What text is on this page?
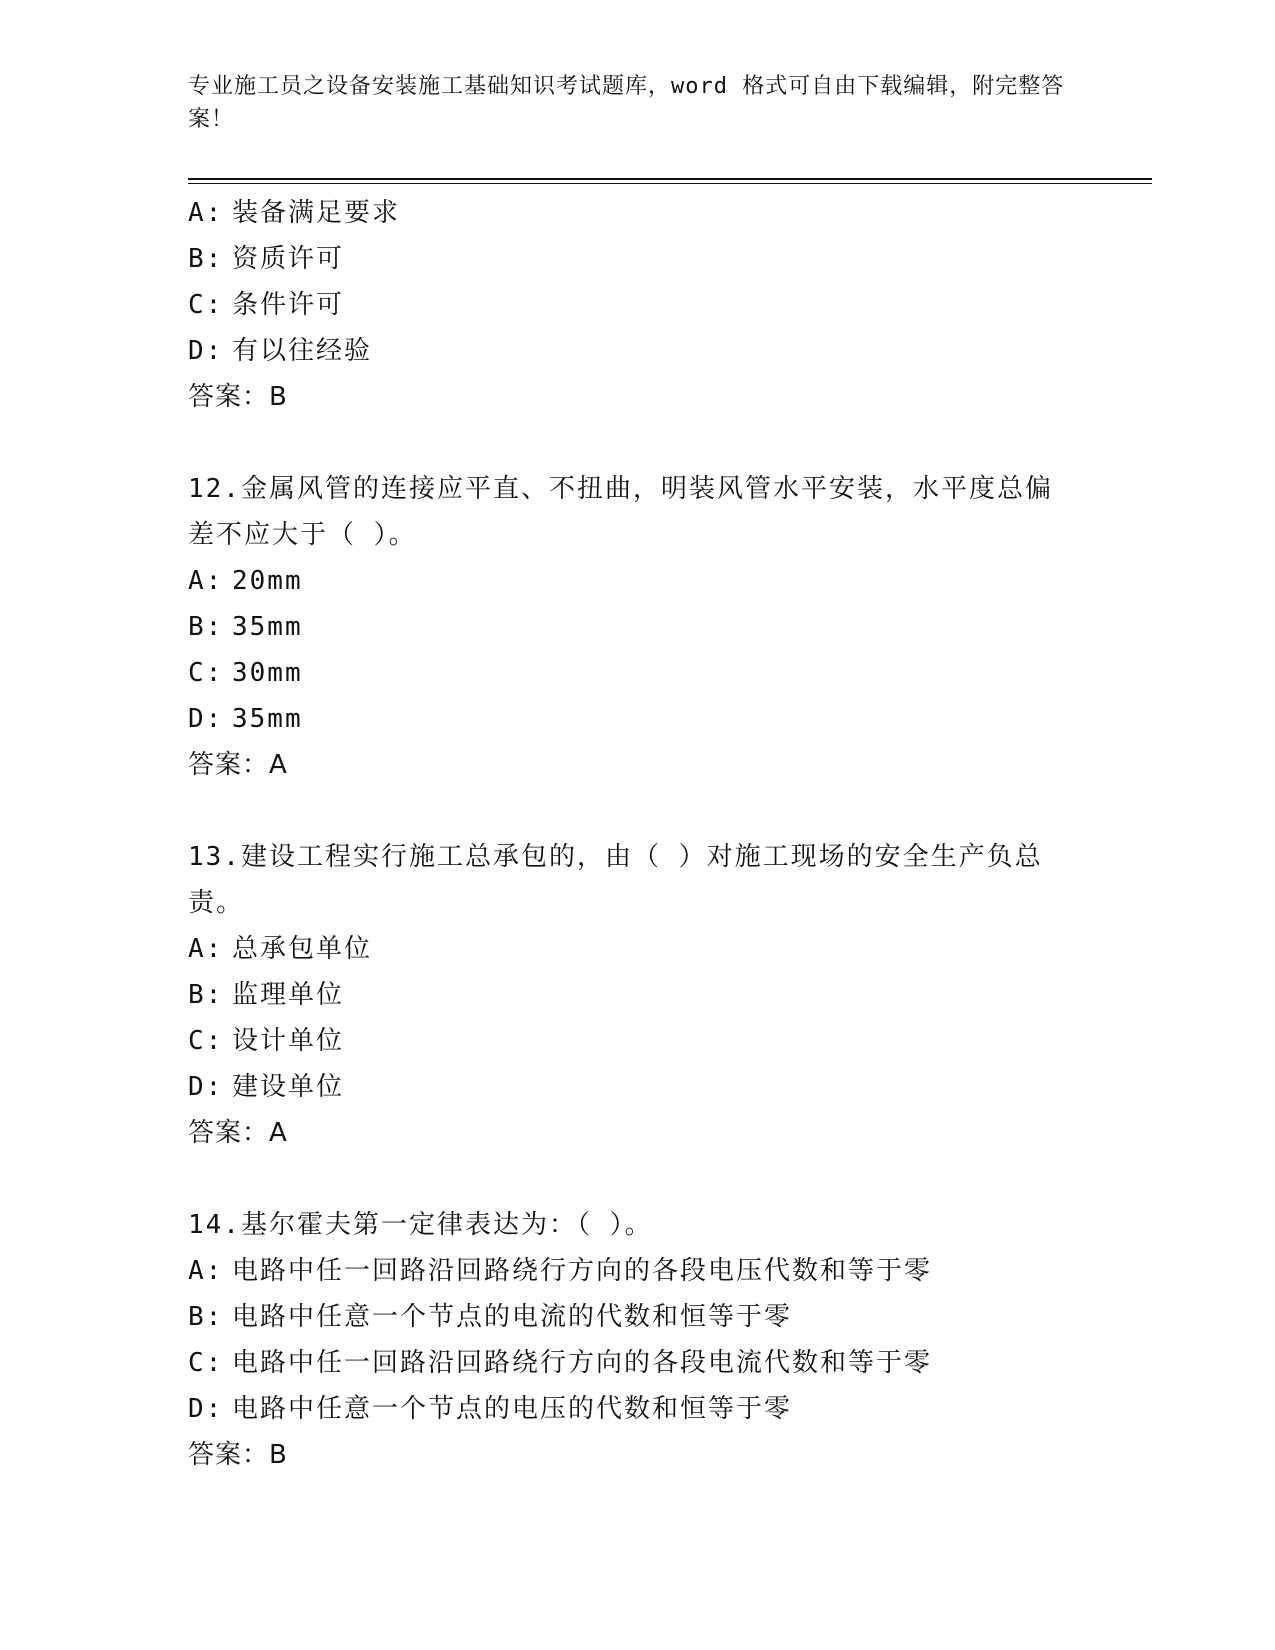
专业施工员之设备安装施工基础知识考试题库，word 格式可自由下载编辑，附完整答案！
A: 装备满足要求
B: 资质许可
C: 条件许可
D: 有以往经验
答案：B
12.金属风管的连接应平直、不扭曲，明装风管水平安装，水平度总偏差不应大于（ ）。
A: 20mm
B: 35mm
C: 30mm
D: 35mm
答案：A
13.建设工程实行施工总承包的，由（ ）对施工现场的安全生产负总责。
A: 总承包单位
B: 监理单位
C: 设计单位
D: 建设单位
答案：A
14.基尔霍夫第一定律表达为：（ ）。
A: 电路中任一回路沿回路绕行方向的各段电压代数和等于零
B: 电路中任意一个节点的电流的代数和恒等于零
C: 电路中任一回路沿回路绕行方向的各段电流代数和等于零
D: 电路中任意一个节点的电压的代数和恒等于零
答案：B
